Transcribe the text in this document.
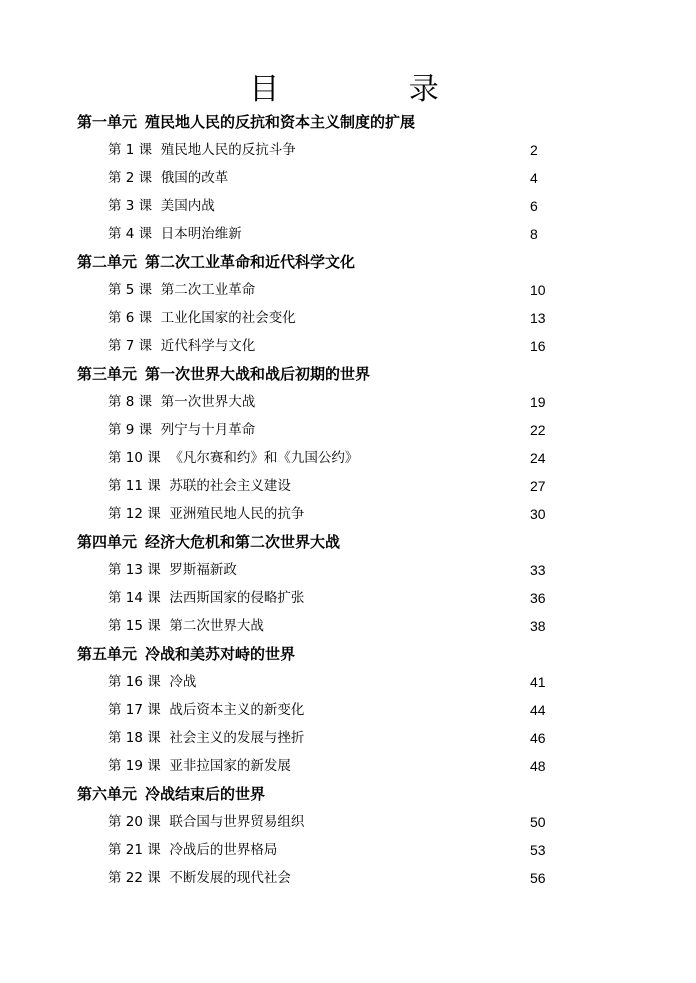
目 录
第一单元 殖民地人民的反抗和资本主义制度的扩展
第 1 课 殖民地人民的反抗斗争	2
第 2 课 俄国的改革	4
第 3 课 美国内战	6
第 4 课 日本明治维新	8
第二单元 第二次工业革命和近代科学文化
第 5 课 第二次工业革命	10
第 6 课 工业化国家的社会变化	13
第 7 课 近代科学与文化	16
第三单元 第一次世界大战和战后初期的世界
第 8 课 第一次世界大战	19
第 9 课 列宁与十月革命	22
第 10 课 《凡尔赛和约》和《九国公约》	24
第 11 课 苏联的社会主义建设	27
第 12 课 亚洲殖民地人民的抗争	30
第四单元 经济大危机和第二次世界大战
第 13 课 罗斯福新政	33
第 14 课 法西斯国家的侵略扩张	36
第 15 课 第二次世界大战	38
第五单元 冷战和美苏对峙的世界
第 16 课 冷战	41
第 17 课 战后资本主义的新变化	44
第 18 课 社会主义的发展与挫折	46
第 19 课 亚非拉国家的新发展	48
第六单元 冷战结束后的世界
第 20 课 联合国与世界贸易组织	50
第 21 课 冷战后的世界格局	53
第 22 课 不断发展的现代社会	56
